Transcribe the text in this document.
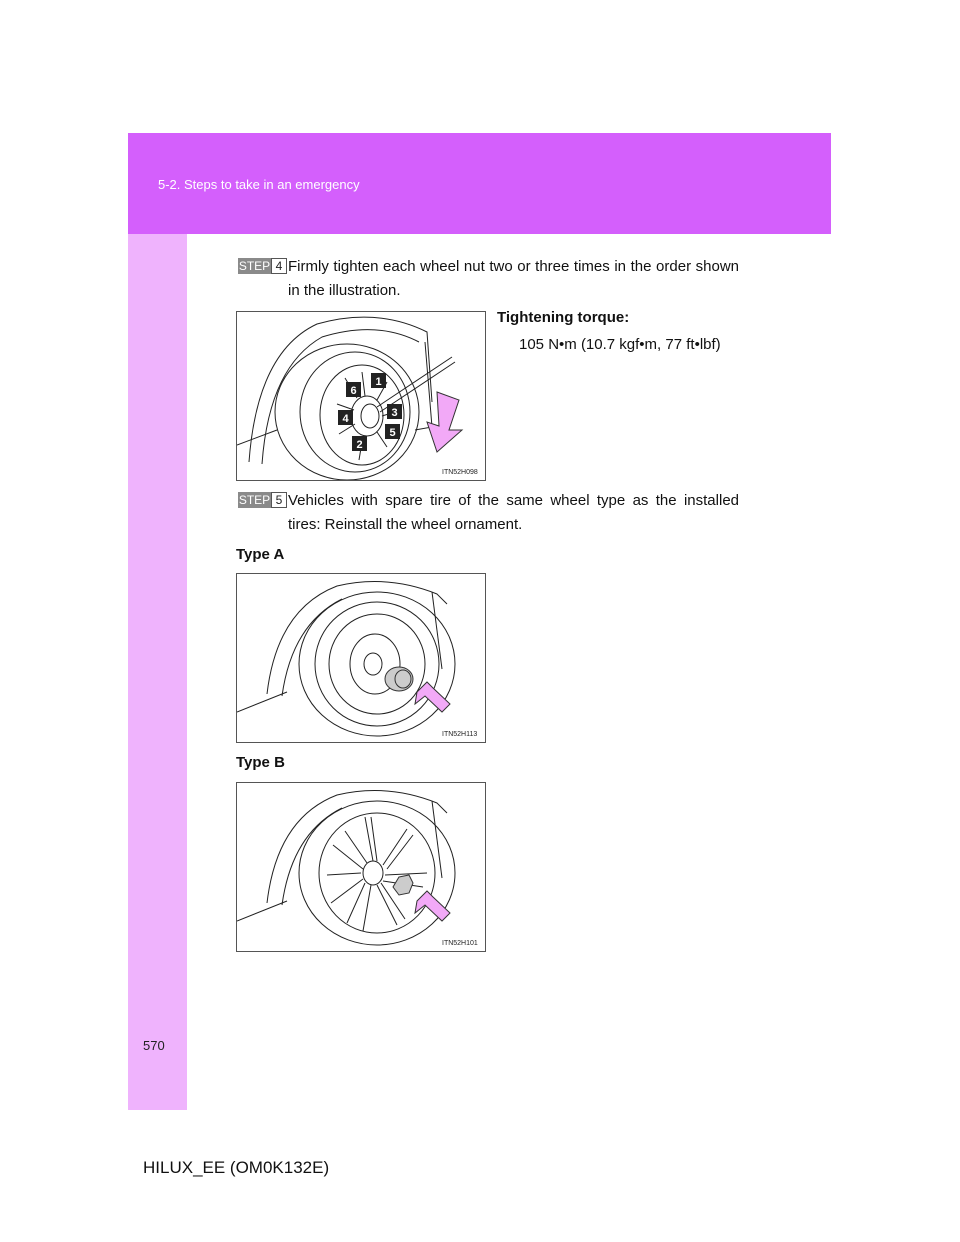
5-2. Steps to take in an emergency
STEP 4 Firmly tighten each wheel nut two or three times in the order shown in the illustration.
Tightening torque:
105 N•m (10.7 kgf•m, 77 ft•lbf)
1
2
3
4
5
6
ITN52H098
STEP 5 Vehicles with spare tire of the same wheel type as the installed tires: Reinstall the wheel ornament.
Type A
ITN52H113
Type B
ITN52H101
570
HILUX_EE (OM0K132E)
